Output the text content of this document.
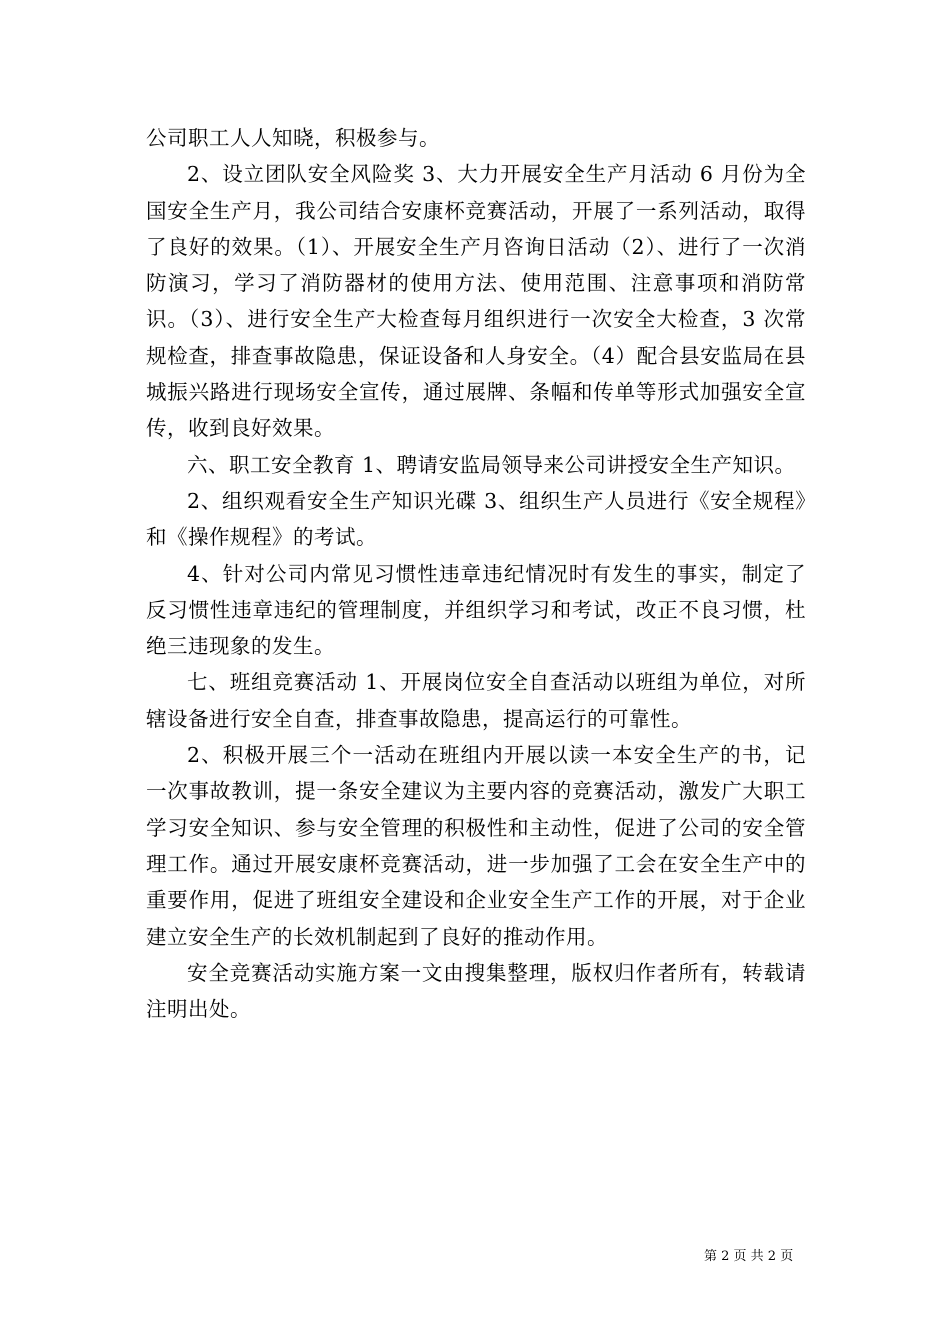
公司职工人人知晓，积极参与。

2、设立团队安全风险奖 3、大力开展安全生产月活动 6 月份为全国安全生产月，我公司结合安康杯竞赛活动，开展了一系列活动，取得了良好的效果。（1）、开展安全生产月咨询日活动（2）、进行了一次消防演习，学习了消防器材的使用方法、使用范围、注意事项和消防常识。（3）、进行安全生产大检查每月组织进行一次安全大检查，3 次常规检查，排查事故隐患，保证设备和人身安全。（4）配合县安监局在县城振兴路进行现场安全宣传，通过展牌、条幅和传单等形式加强安全宣传，收到良好效果。

六、职工安全教育 1、聘请安监局领导来公司讲授安全生产知识。

2、组织观看安全生产知识光碟 3、组织生产人员进行《安全规程》和《操作规程》的考试。

4、针对公司内常见习惯性违章违纪情况时有发生的事实，制定了反习惯性违章违纪的管理制度，并组织学习和考试，改正不良习惯，杜绝三违现象的发生。

七、班组竞赛活动 1、开展岗位安全自查活动以班组为单位，对所辖设备进行安全自查，排查事故隐患，提高运行的可靠性。

2、积极开展三个一活动在班组内开展以读一本安全生产的书，记一次事故教训，提一条安全建议为主要内容的竞赛活动，激发广大职工学习安全知识、参与安全管理的积极性和主动性，促进了公司的安全管理工作。通过开展安康杯竞赛活动，进一步加强了工会在安全生产中的重要作用，促进了班组安全建设和企业安全生产工作的开展，对于企业建立安全生产的长效机制起到了良好的推动作用。

安全竞赛活动实施方案一文由搜集整理，版权归作者所有，转载请注明出处。

第 2 页 共 2 页
